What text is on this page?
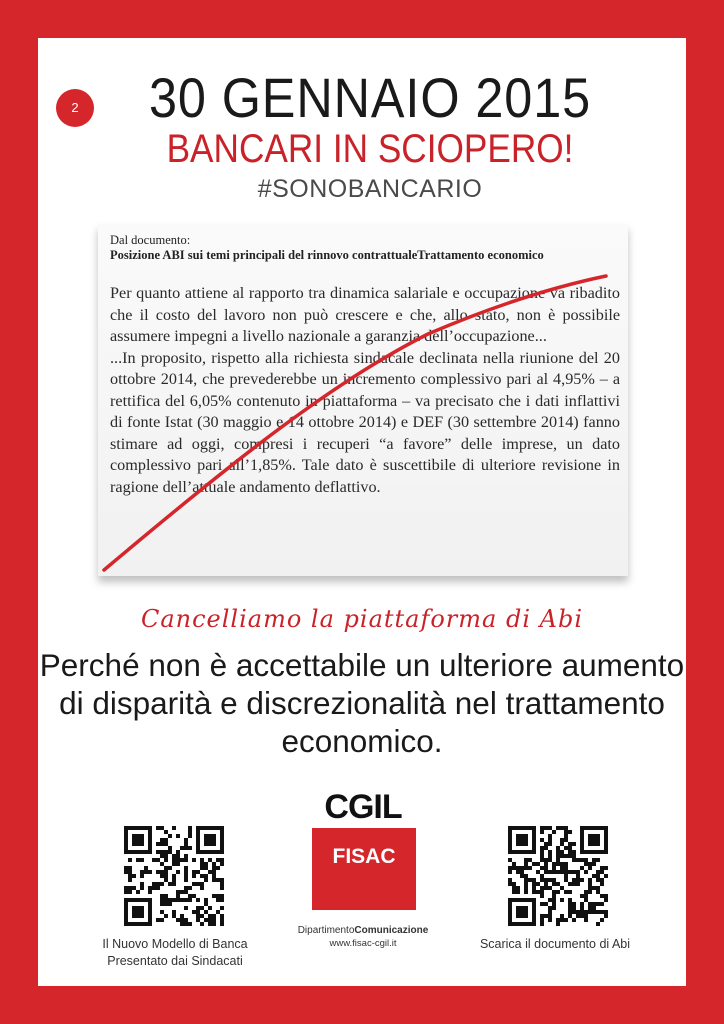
2 30 GENNAIO 2015
BANCARI IN SCIOPERO!
#SONOBANCARIO
Dal documento:
Posizione ABI sui temi principali del rinnovo contrattualeTrattamento economico

Per quanto attiene al rapporto tra dinamica salariale e occupazione va ribadito che il costo del lavoro non può crescere e che, allo stato, non è possibile assumere impegni a livello nazionale a garanzia dell’occupazione...

...In proposito, rispetto alla richiesta sindacale declinata nella riunione del 20 ottobre 2014, che prevederebbe un incremento complessivo pari al 4,95% – a rettifica del 6,05% contenuto in piattaforma – va precisato che i dati inflattivi di fonte Istat (30 maggio e 14 ottobre 2014) e DEF (30 settembre 2014) fanno stimare ad oggi, compresi i recuperi “a favore” delle imprese, un dato complessivo pari all’1,85%. Tale dato è suscettibile di ulteriore revisione in ragione dell’attuale andamento deflattivo.

Cancelliamo la piattaforma di Abi
Perché non è accettabile un ulteriore aumento di disparità e discrezionalità nel trattamento economico.
Il Nuovo Modello di Banca
Presentato dai Sindacati
CGIL
FISAC
DipartimentoComunicazione
www.fisac-cgil.it	Scarica il documento di Abi
